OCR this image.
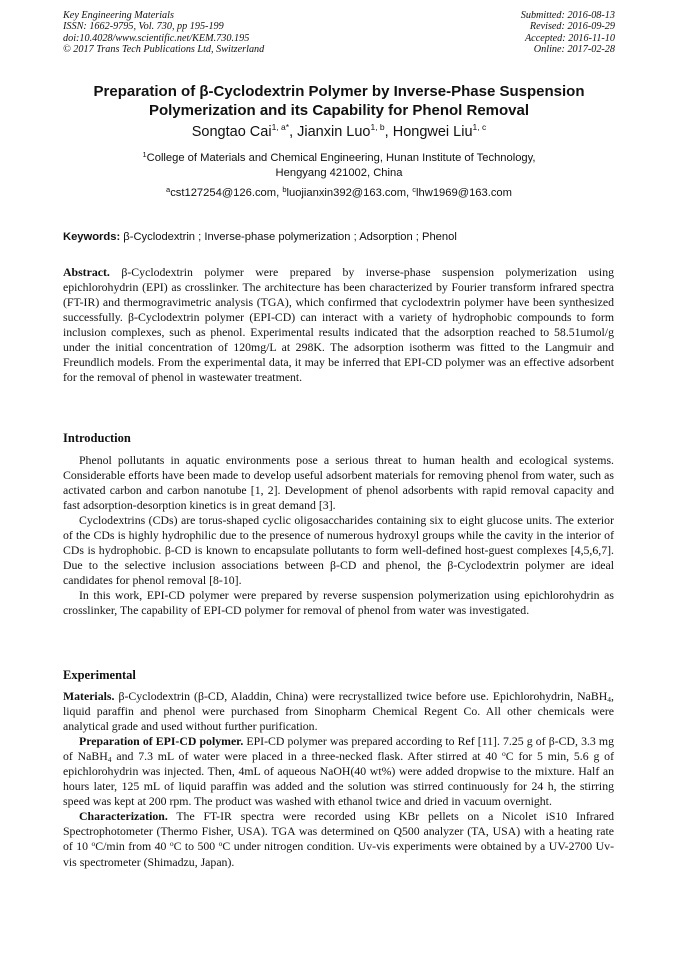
Key Engineering Materials
ISSN: 1662-9795, Vol. 730, pp 195-199
doi:10.4028/www.scientific.net/KEM.730.195
© 2017 Trans Tech Publications Ltd, Switzerland
Submitted: 2016-08-13
Revised: 2016-09-29
Accepted: 2016-11-10
Online: 2017-02-28
Preparation of β-Cyclodextrin Polymer by Inverse-Phase Suspension
Polymerization and its Capability for Phenol Removal
Songtao Cai$^{1, a*}$, Jianxin Luo$^{1, b}$, Hongwei Liu$^{1, c}$
$^1$College of Materials and Chemical Engineering, Hunan Institute of Technology,
Hengyang 421002, China
$^a$cst127254@126.com, $^b$luojianxin392@163.com, $^c$lhw1969@163.com
Keywords: β-Cyclodextrin ; Inverse-phase polymerization ; Adsorption ; Phenol

Abstract. β-Cyclodextrin polymer were prepared by inverse-phase suspension polymerization using epichlorohydrin (EPI) as crosslinker. The architecture has been characterized by Fourier transform infrared spectra (FT-IR) and thermogravimetric analysis (TGA), which confirmed that cyclodextrin polymer have been synthesized successfully. β-Cyclodextrin polymer (EPI-CD) can interact with a variety of hydrophobic compounds to form inclusion complexes, such as phenol. Experimental results indicated that the adsorption reached to 58.51umol/g under the initial concentration of 120mg/L at 298K. The adsorption isotherm was fitted to the Langmuir and Freundlich models. From the experimental data, it may be inferred that EPI-CD polymer was an effective adsorbent for the removal of phenol in wastewater treatment.

Introduction

Phenol pollutants in aquatic environments pose a serious threat to human health and ecological systems. Considerable efforts have been made to develop useful adsorbent materials for removing phenol from water, such as activated carbon and carbon nanotube [1, 2]. Development of phenol adsorbents with rapid removal capacity and fast adsorption-desorption kinetics is in great demand [3].

Cyclodextrins (CDs) are torus-shaped cyclic oligosaccharides containing six to eight glucose units. The exterior of the CDs is highly hydrophilic due to the presence of numerous hydroxyl groups while the cavity in the interior of CDs is hydrophobic. β-CD is known to encapsulate pollutants to form well-defined host-guest complexes [4,5,6,7]. Due to the selective inclusion associations between β-CD and phenol, the β-Cyclodextrin polymer are ideal candidates for phenol removal [8-10].

In this work, EPI-CD polymer were prepared by reverse suspension polymerization using epichlorohydrin as crosslinker, The capability of EPI-CD polymer for removal of phenol from water was investigated.

Experimental

Materials. β-Cyclodextrin (β-CD, Aladdin, China) were recrystallized twice before use. Epichlorohydrin, NaBH$_4$, liquid paraffin and phenol were purchased from Sinopharm Chemical Regent Co. All other chemicals were analytical grade and used without further purification.

Preparation of EPI-CD polymer. EPI-CD polymer was prepared according to Ref [11]. 7.25 g of β-CD, 3.3 mg of NaBH$_4$ and 7.3 mL of water were placed in a three-necked flask. After stirred at 40 $^o$C for 5 min, 5.6 g of epichlorohydrin was injected. Then, 4mL of aqueous NaOH(40 wt%) were added dropwise to the mixture. Half an hours later, 125 mL of liquid paraffin was added and the solution was stirred continuously for 24 h, the stirring speed was kept at 200 rpm. The product was washed with ethanol twice and dried in vacuum overnight.

Characterization. The FT-IR spectra were recorded using KBr pellets on a Nicolet iS10 Infrared Spectrophotometer (Thermo Fisher, USA). TGA was determined on Q500 analyzer (TA, USA) with a heating rate of 10 $^o$C/min from 40 $^o$C to 500 $^o$C under nitrogen condition. Uv-vis experiments were obtained by a UV-2700 Uv-vis spectrometer (Shimadzu, Japan).
